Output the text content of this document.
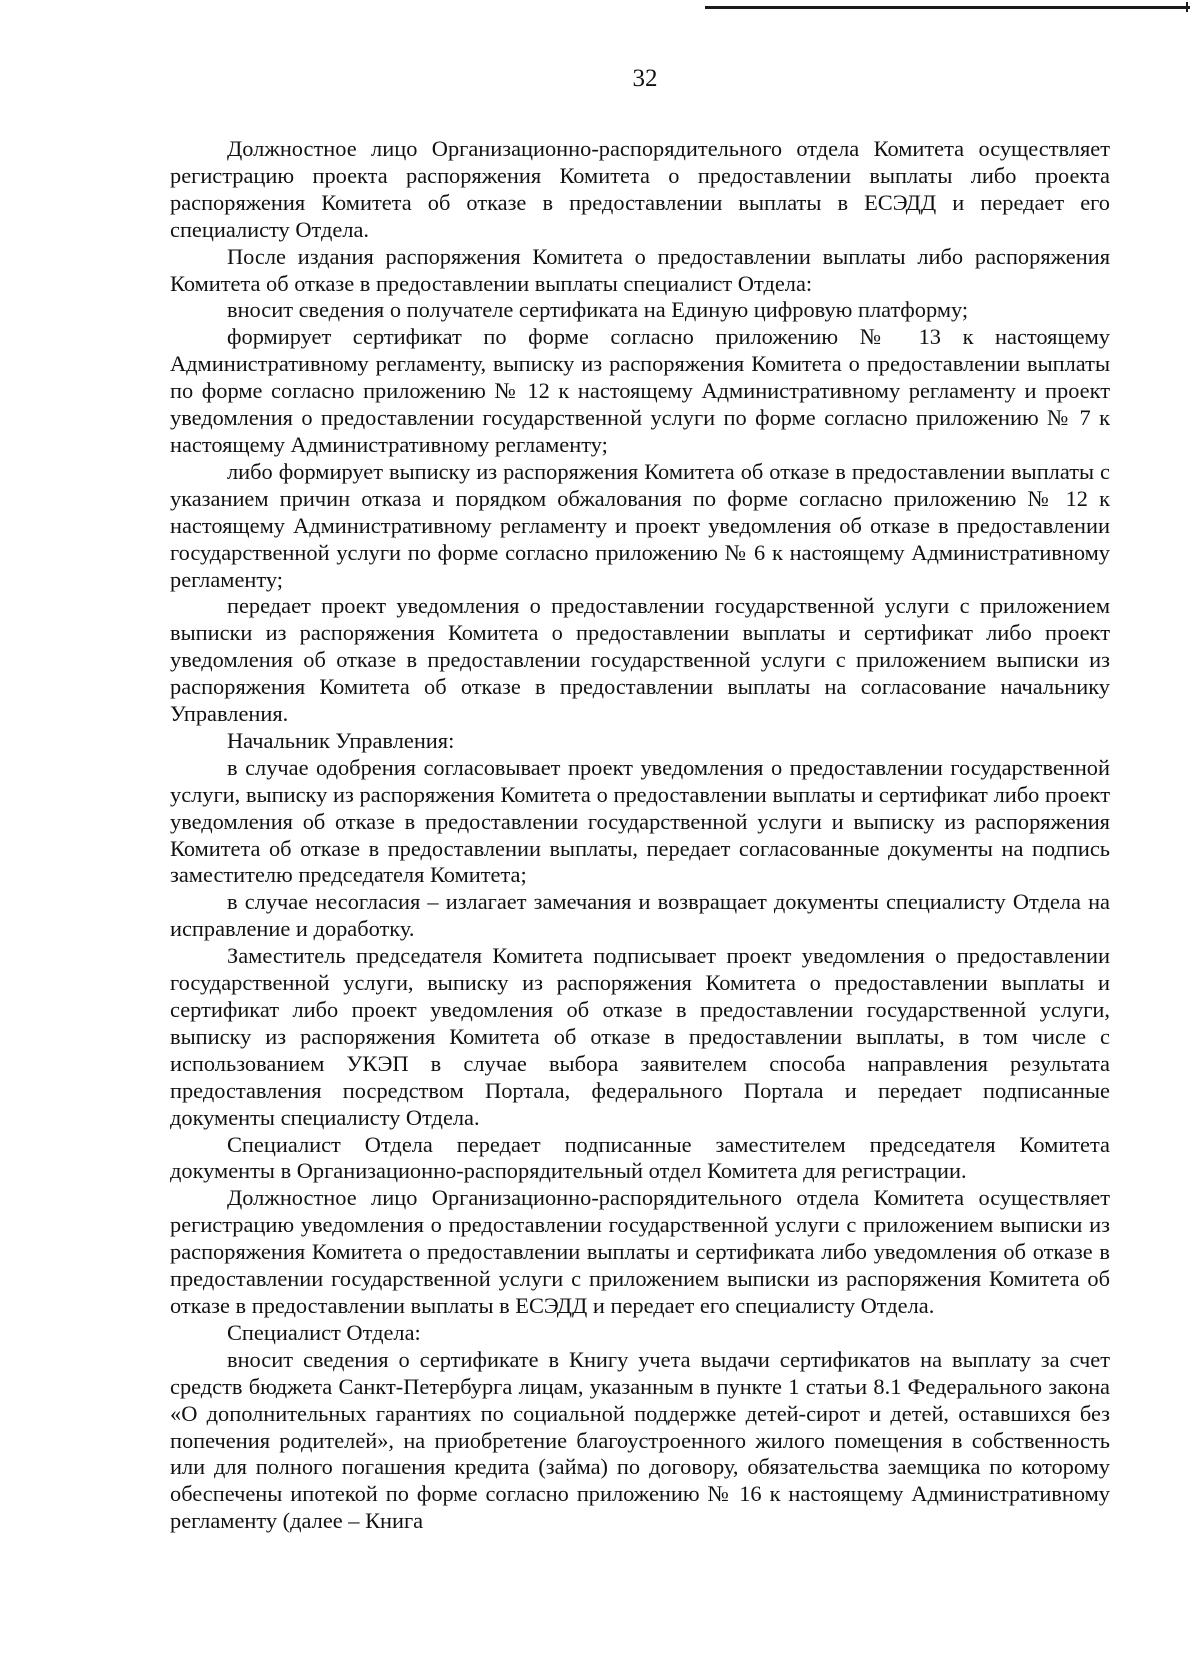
32

Должностное лицо Организационно-распорядительного отдела Комитета осуществляет регистрацию проекта распоряжения Комитета о предоставлении выплаты либо проекта распоряжения Комитета об отказе в предоставлении выплаты в ЕСЭДД и передает его специалисту Отдела.

После издания распоряжения Комитета о предоставлении выплаты либо распоряжения Комитета об отказе в предоставлении выплаты специалист Отдела:

вносит сведения о получателе сертификата на Единую цифровую платформу;

формирует сертификат по форме согласно приложению № 13 к настоящему Административному регламенту, выписку из распоряжения Комитета о предоставлении выплаты по форме согласно приложению № 12 к настоящему Административному регламенту и проект уведомления о предоставлении государственной услуги по форме согласно приложению № 7 к настоящему Административному регламенту;

либо формирует выписку из распоряжения Комитета об отказе в предоставлении выплаты с указанием причин отказа и порядком обжалования по форме согласно приложению № 12 к настоящему Административному регламенту и проект уведомления об отказе в предоставлении государственной услуги по форме согласно приложению № 6 к настоящему Административному регламенту;

передает проект уведомления о предоставлении государственной услуги с приложением выписки из распоряжения Комитета о предоставлении выплаты и сертификат либо проект уведомления об отказе в предоставлении государственной услуги с приложением выписки из распоряжения Комитета об отказе в предоставлении выплаты на согласование начальнику Управления.

Начальник Управления:

в случае одобрения согласовывает проект уведомления о предоставлении государственной услуги, выписку из распоряжения Комитета о предоставлении выплаты и сертификат либо проект уведомления об отказе в предоставлении государственной услуги и выписку из распоряжения Комитета об отказе в предоставлении выплаты, передает согласованные документы на подпись заместителю председателя Комитета;

в случае несогласия – излагает замечания и возвращает документы специалисту Отдела на исправление и доработку.

Заместитель председателя Комитета подписывает проект уведомления о предоставлении государственной услуги, выписку из распоряжения Комитета о предоставлении выплаты и сертификат либо проект уведомления об отказе в предоставлении государственной услуги, выписку из распоряжения Комитета об отказе в предоставлении выплаты, в том числе с использованием УКЭП в случае выбора заявителем способа направления результата предоставления посредством Портала, федерального Портала и передает подписанные документы специалисту Отдела.

Специалист Отдела передает подписанные заместителем председателя Комитета документы в Организационно-распорядительный отдел Комитета для регистрации.

Должностное лицо Организационно-распорядительного отдела Комитета осуществляет регистрацию уведомления о предоставлении государственной услуги с приложением выписки из распоряжения Комитета о предоставлении выплаты и сертификата либо уведомления об отказе в предоставлении государственной услуги с приложением выписки из распоряжения Комитета об отказе в предоставлении выплаты в ЕСЭДД и передает его специалисту Отдела.

Специалист Отдела:

вносит сведения о сертификате в Книгу учета выдачи сертификатов на выплату за счет средств бюджета Санкт-Петербурга лицам, указанным в пункте 1 статьи 8.1 Федерального закона «О дополнительных гарантиях по социальной поддержке детей-сирот и детей, оставшихся без попечения родителей», на приобретение благоустроенного жилого помещения в собственность или для полного погашения кредита (займа) по договору, обязательства заемщика по которому обеспечены ипотекой по форме согласно приложению № 16 к настоящему Административному регламенту (далее – Книга
